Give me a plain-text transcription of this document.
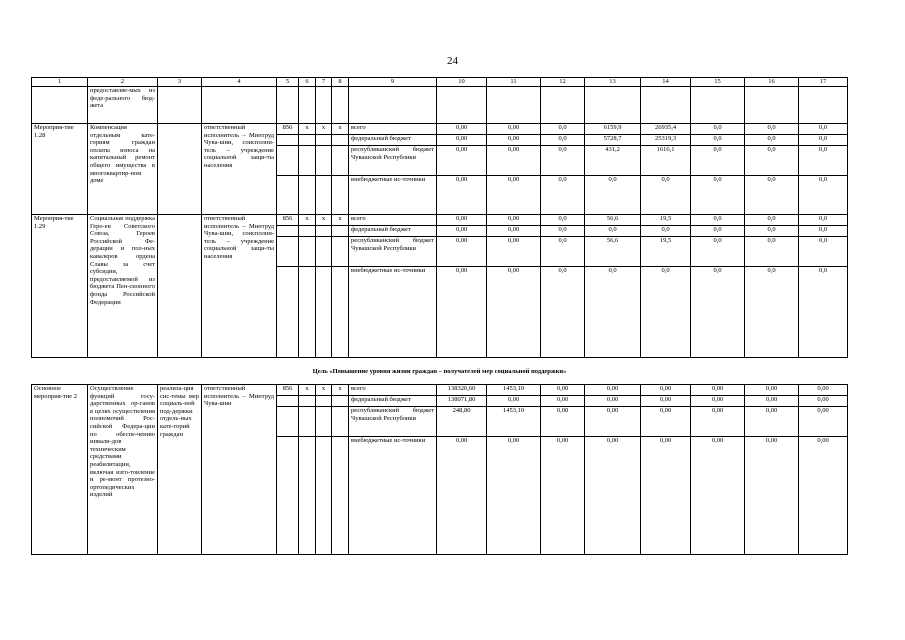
24
1	2	3	4	5	6	7	8	9	10	11	12	13	14	15	16	17
	предоставляе-мых из феде-рального бюд-жета															
Мероприя-тие 1.28	Компенсация отдельным кате-гориям граждан оплаты взноса на капитальный ремонт общего имущества в многоквартир-ном доме		ответственный исполнитель – Минтруд Чува-шии, соисполни-тель – учреждение социальной защи-ты населения	856	x	x	x	всего	0,00	0,00	0,0	6159,9	26935,4	0,0	0,0	0,0
								федеральный бюджет	0,00	0,00	0,0	5728,7	25319,3	0,0	0,0	0,0
								республиканский бюджет Чувашской Республики	0,00	0,00	0,0	431,2	1616,1	0,0	0,0	0,0
								внебюджетные ис-точники	0,00	0,00	0,0	0,0	0,0	0,0	0,0	0,0
Мероприя-тие 1.29	Социальная поддержка Геро-ев Советского Союза, Героев Российской Фе-дерации и пол-ных кавалеров ордена Славы за счет субсидии, предоставляемой из бюджета Пен-сионного фонда Российской Федерации		ответственный исполнитель – Минтруд Чува-шии, соисполни-тель – учреждение социальной защи-ты населения	856	x	x	x	всего	0,00	0,00	0,0	56,6	19,5	0,0	0,0	0,0
								федеральный бюджет	0,00	0,00	0,0	0,0	0,0	0,0	0,0	0,0
								республиканский бюджет Чувашской Республики	0,00	0,00	0,0	56,6	19,5	0,0	0,0	0,0
								внебюджетные ис-точники	0,00	0,00	0,0	0,0	0,0	0,0	0,0	0,0
Цель «Повышение уровня жизни граждан – получателей мер социальной поддержки»																
Основное мероприя-тие 2	Осуществление функций госу-дарственных ор-ганов в целях осуществления полномочий Рос-сийской Федера-ции по обеспе-чению инвали-дов техническим средствами реабилитации, включая изго-товление и ре-монт протезно-ортопедических изделий	реализа-ция сис-темы мер социаль-ной под-держки отдель-ных кате-горий граждан	ответственный исполнитель – Минтруд Чува-шии	856	x	x	x	всего	138320,60	1453,10	0,00	0,00	0,00	0,00	0,00	0,00
								федеральный бюджет	138071,80	0,00	0,00	0,00	0,00	0,00	0,00	0,00
								республиканский бюджет Чувашской Республики	248,80	1453,10	0,00	0,00	0,00	0,00	0,00	0,00
								внебюджетные ис-точники	0,00	0,00	0,00	0,00	0,00	0,00	0,00	0,00
